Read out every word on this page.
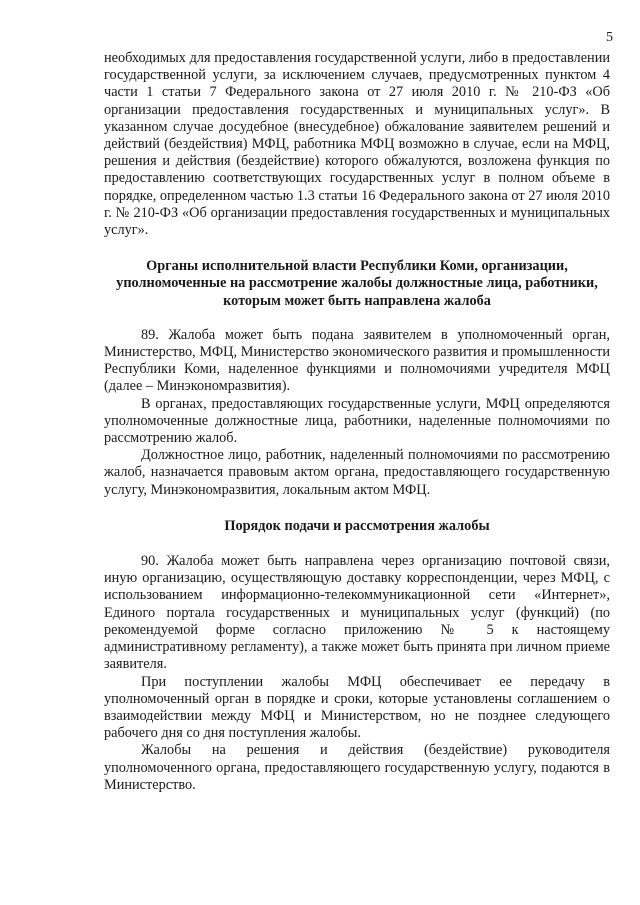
5

необходимых для предоставления государственной услуги, либо в предоставлении государственной услуги, за исключением случаев, предусмотренных пунктом 4 части 1 статьи 7 Федерального закона от 27 июля 2010 г. № 210-ФЗ «Об организации предоставления государственных и муниципальных услуг». В указанном случае досудебное (внесудебное) обжалование заявителем решений и действий (бездействия) МФЦ, работника МФЦ возможно в случае, если на МФЦ, решения и действия (бездействие) которого обжалуются, возложена функция по предоставлению соответствующих государственных услуг в полном объеме в порядке, определенном частью 1.3 статьи 16 Федерального закона от 27 июля 2010 г. № 210-ФЗ «Об организации предоставления государственных и муниципальных услуг».

Органы исполнительной власти Республики Коми, организации, уполномоченные на рассмотрение жалобы должностные лица, работники, которым может быть направлена жалоба

89. Жалоба может быть подана заявителем в уполномоченный орган, Министерство, МФЦ, Министерство экономического развития и промышленности Республики Коми, наделенное функциями и полномочиями учредителя МФЦ (далее – Минэкономразвития).

В органах, предоставляющих государственные услуги, МФЦ определяются уполномоченные должностные лица, работники, наделенные полномочиями по рассмотрению жалоб.

Должностное лицо, работник, наделенный полномочиями по рассмотрению жалоб, назначается правовым актом органа, предоставляющего государственную услугу, Минэкономразвития, локальным актом МФЦ.

Порядок подачи и рассмотрения жалобы

90. Жалоба может быть направлена через организацию почтовой связи, иную организацию, осуществляющую доставку корреспонденции, через МФЦ, с использованием информационно-телекоммуникационной сети «Интернет», Единого портала государственных и муниципальных услуг (функций) (по рекомендуемой форме согласно приложению № 5 к настоящему административному регламенту), а также может быть принята при личном приеме заявителя.

При поступлении жалобы МФЦ обеспечивает ее передачу в уполномоченный орган в порядке и сроки, которые установлены соглашением о взаимодействии между МФЦ и Министерством, но не позднее следующего рабочего дня со дня поступления жалобы.

Жалобы на решения и действия (бездействие) руководителя уполномоченного органа, предоставляющего государственную услугу, подаются в Министерство.
